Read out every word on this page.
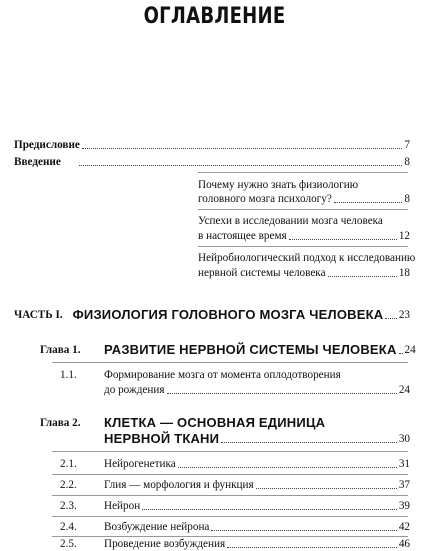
ОГЛАВЛЕНИЕ
Предисловие	7
Введение	8
Почему нужно знать физиологию
головного мозга психологу?	8
Успехи в исследовании мозга человека
в настоящее время	12
Нейробиологический подход к исследованию
нервной системы человека	18
ЧАСТЬ I. ФИЗИОЛОГИЯ ГОЛОВНОГО МОЗГА ЧЕЛОВЕКА 23
Глава 1. РАЗВИТИЕ НЕРВНОЙ СИСТЕМЫ ЧЕЛОВЕКА 24
1.1. Формирование мозга от момента оплодотворения
до рождения	24
Глава 2. КЛЕТКА — ОСНОВНАЯ ЕДИНИЦА
НЕРВНОЙ ТКАНИ	30
2.1. Нейрогенетика	31
2.2. Глия — морфология и функция	37
2.3. Нейрон	39
2.4. Возбуждение нейрона	42
2.5. Проведение возбуждения	46
